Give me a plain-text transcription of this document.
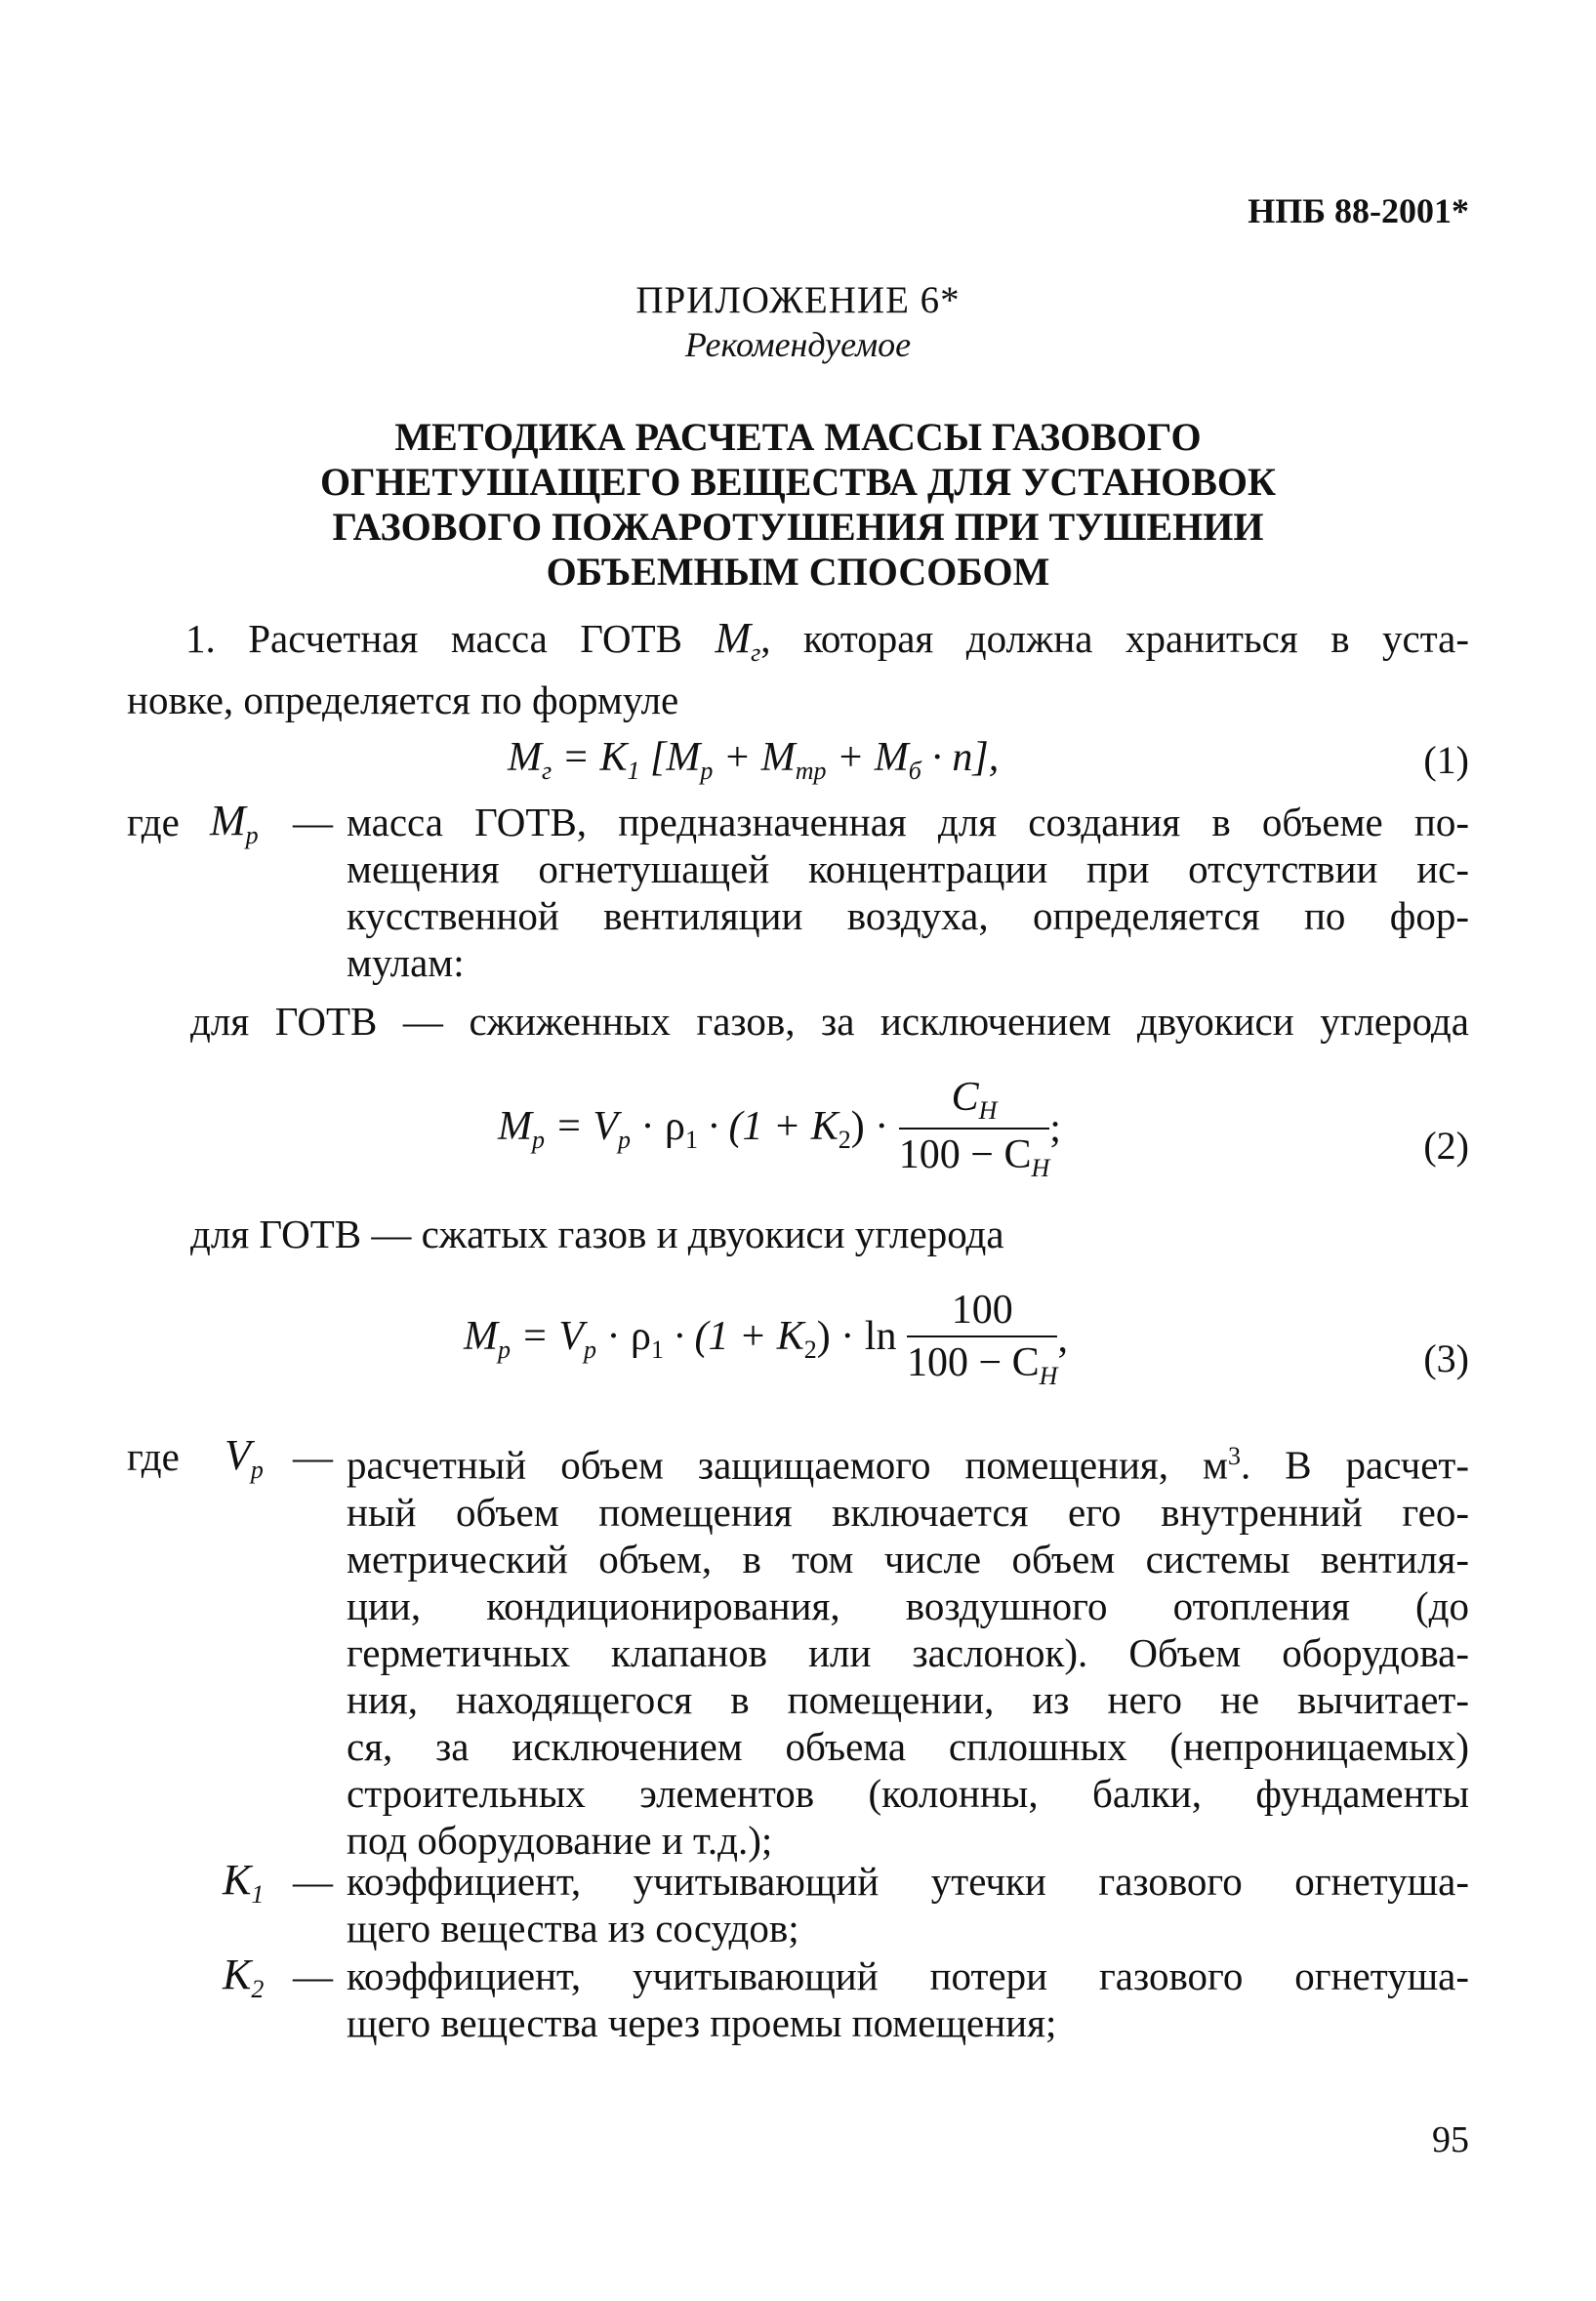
НПБ 88-2001*
ПРИЛОЖЕНИЕ 6*
Рекомендуемое
МЕТОДИКА РАСЧЕТА МАССЫ ГАЗОВОГО
ОГНЕТУШАЩЕГО ВЕЩЕСТВА ДЛЯ УСТАНОВОК
ГАЗОВОГО ПОЖАРОТУШЕНИЯ ПРИ ТУШЕНИИ
ОБЪЕМНЫМ СПОСОБОМ
1. Расчетная масса ГОТВ $M_г$, которая должна храниться в уста-
новке, определяется по формуле
$M_г = K_1$ $[M_p + M_{тр} + M_б \cdot n]$,	(1)
где $M_p$ — масса ГОТВ, предназначенная для создания в объеме по-
мещения огнетушащей концентрации при отсутствии ис-
кусственной вентиляции воздуха, определяется по фор-
мулам:
для ГОТВ — сжиженных газов, за исключением двуокиси углерода
$M_p = V_p \cdot \rho_1 \cdot (1 + K_2) \cdot \frac{C_H}{100 - C_H}$ ;	(2)
для ГОТВ — сжатых газов и двуокиси углерода
$M_p = V_p \cdot \rho_1 \cdot (1 + K_2) \cdot \ln \frac{100}{100 - C_H}$ ,	(3)
где $V_p$ — расчетный объем защищаемого помещения, $м^3$. В расчет-
ный объем помещения включается его внутренний гео-
метрический объем, в том числе объем системы вентиля-
ции, кондиционирования, воздушного отопления (до
герметичных клапанов или заслонок). Объем оборудова-
ния, находящегося в помещении, из него не вычитает-
ся, за исключением объема сплошных (непроницаемых)
строительных элементов (колонны, балки, фундаменты
под оборудование и т.д.);
$K_1$ — коэффициент, учитывающий утечки газового огнетуша-
щего вещества из сосудов;
$K_2$ — коэффициент, учитывающий потери газового огнетуша-
щего вещества через проемы помещения;
95
